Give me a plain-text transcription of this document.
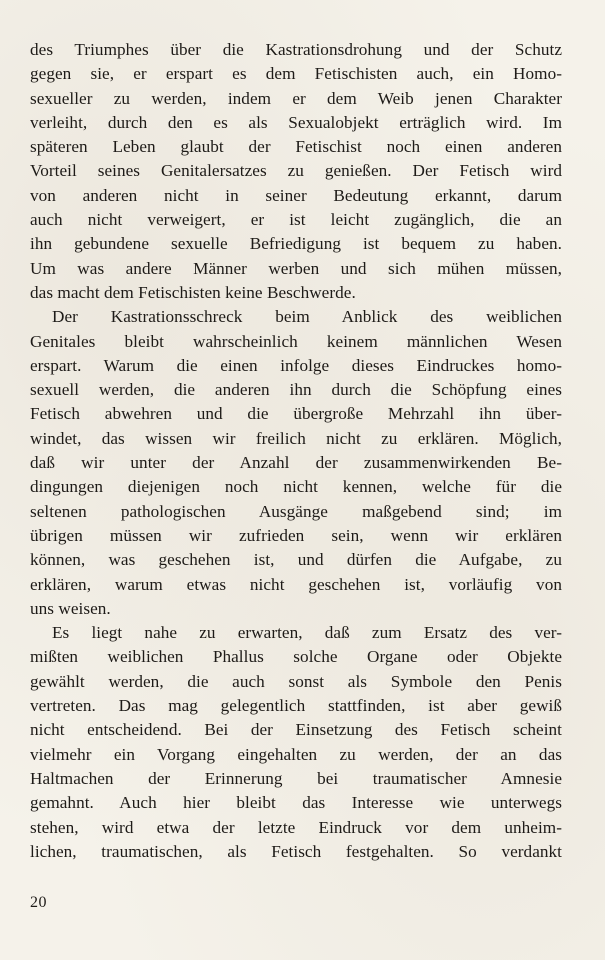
des Triumphes über die Kastrationsdrohung und der Schutz
gegen sie, er erspart es dem Fetischisten auch, ein Homo-
sexueller zu werden, indem er dem Weib jenen Charakter
verleiht, durch den es als Sexualobjekt erträglich wird. Im
späteren Leben glaubt der Fetischist noch einen anderen
Vorteil seines Genitalersatzes zu genießen. Der Fetisch wird
von anderen nicht in seiner Bedeutung erkannt, darum
auch nicht verweigert, er ist leicht zugänglich, die an
ihn gebundene sexuelle Befriedigung ist bequem zu haben.
Um was andere Männer werben und sich mühen müssen,
das macht dem Fetischisten keine Beschwerde.
Der Kastrationsschreck beim Anblick des weiblichen
Genitales bleibt wahrscheinlich keinem männlichen Wesen
erspart. Warum die einen infolge dieses Eindruckes homo-
sexuell werden, die anderen ihn durch die Schöpfung eines
Fetisch abwehren und die übergroße Mehrzahl ihn über-
windet, das wissen wir freilich nicht zu erklären. Möglich,
daß wir unter der Anzahl der zusammenwirkenden Be-
dingungen diejenigen noch nicht kennen, welche für die
seltenen pathologischen Ausgänge maßgebend sind; im
übrigen müssen wir zufrieden sein, wenn wir erklären
können, was geschehen ist, und dürfen die Aufgabe, zu
erklären, warum etwas nicht geschehen ist, vorläufig von
uns weisen.
Es liegt nahe zu erwarten, daß zum Ersatz des ver-
mißten weiblichen Phallus solche Organe oder Objekte
gewählt werden, die auch sonst als Symbole den Penis
vertreten. Das mag gelegentlich stattfinden, ist aber gewiß
nicht entscheidend. Bei der Einsetzung des Fetisch scheint
vielmehr ein Vorgang eingehalten zu werden, der an das
Haltmachen der Erinnerung bei traumatischer Amnesie
gemahnt. Auch hier bleibt das Interesse wie unterwegs
stehen, wird etwa der letzte Eindruck vor dem unheim-
lichen, traumatischen, als Fetisch festgehalten. So verdankt
20
